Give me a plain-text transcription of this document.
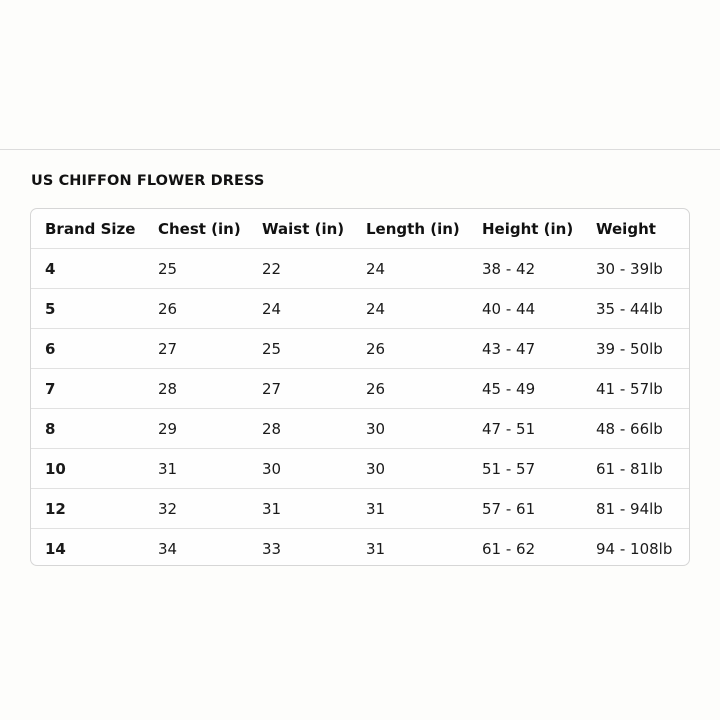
US CHIFFON FLOWER DRESS
Brand Size	Chest (in)	Waist (in)	Length (in)	Height (in)	Weight
4	25	22	24	38 - 42	30 - 39lb
5	26	24	24	40 - 44	35 - 44lb
6	27	25	26	43 - 47	39 - 50lb
7	28	27	26	45 - 49	41 - 57lb
8	29	28	30	47 - 51	48 - 66lb
10	31	30	30	51 - 57	61 - 81lb
12	32	31	31	57 - 61	81 - 94lb
14	34	33	31	61 - 62	94 - 108lb
